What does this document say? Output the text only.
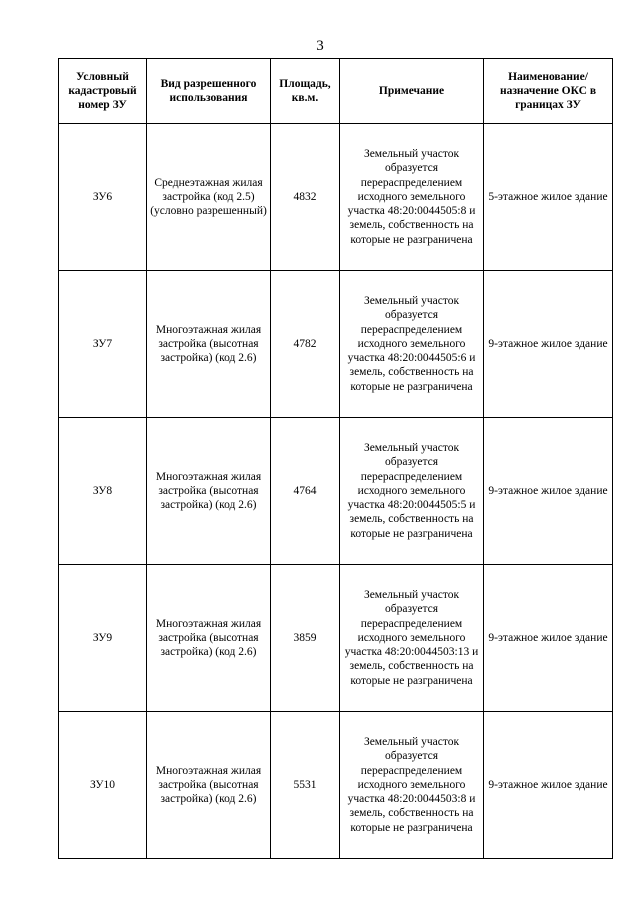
3
Условный кадастровый номер ЗУ	Вид разрешенного использования	Площадь, кв.м.	Примечание	Наименование/ назначение ОКС в границах ЗУ
ЗУ6	Среднеэтажная жилая застройка (код 2.5) (условно разрешенный)	4832	Земельный участок образуется перераспределением исходного земельного участка 48:20:0044505:8 и земель, собственность на которые не разграничена	5-этажное жилое здание
ЗУ7	Многоэтажная жилая застройка (высотная застройка) (код 2.6)	4782	Земельный участок образуется перераспределением исходного земельного участка 48:20:0044505:6 и земель, собственность на которые не разграничена	9-этажное жилое здание
ЗУ8	Многоэтажная жилая застройка (высотная застройка) (код 2.6)	4764	Земельный участок образуется перераспределением исходного земельного участка 48:20:0044505:5 и земель, собственность на которые не разграничена	9-этажное жилое здание
ЗУ9	Многоэтажная жилая застройка (высотная застройка) (код 2.6)	3859	Земельный участок образуется перераспределением исходного земельного участка 48:20:0044503:13 и земель, собственность на которые не разграничена	9-этажное жилое здание
ЗУ10	Многоэтажная жилая застройка (высотная застройка) (код 2.6)	5531	Земельный участок образуется перераспределением исходного земельного участка 48:20:0044503:8 и земель, собственность на которые не разграничена	9-этажное жилое здание
